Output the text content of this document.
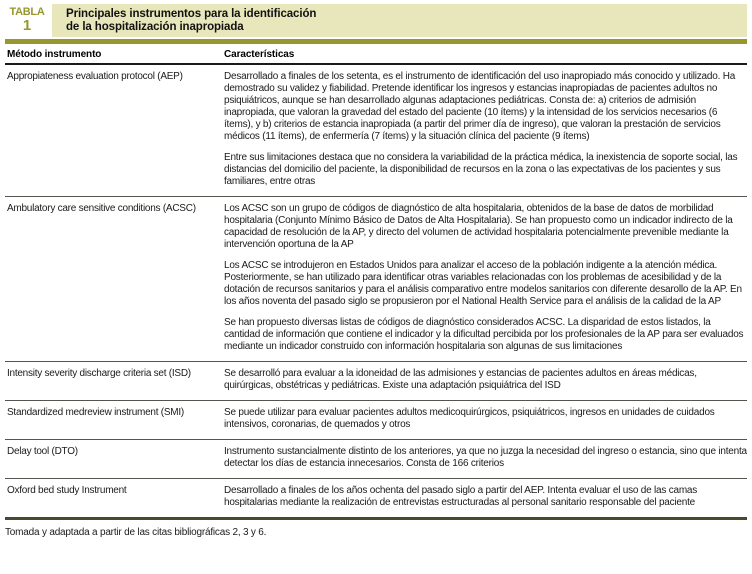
TABLA
1
Principales instrumentos para la identificación
de la hospitalización inapropiada
Método instrumento	Características
Appropiateness evaluation protocol (AEP)	Desarrollado a finales de los setenta, es el instrumento de identificación del uso inapropiado más conocido y utilizado. Ha demostrado su validez y fiabilidad. Pretende identificar los ingresos y estancias inapropiadas de pacientes adultos no psiquiátricos, aunque se han desarrollado algunas adaptaciones pediátricas. Consta de: a) criterios de admisión inapropiada, que valoran la gravedad del estado del paciente (10 ítems) y la intensidad de los servicios necesarios (6 ítems), y b) criterios de estancia inapropiada (a partir del primer día de ingreso), que valoran la prestación de servicios médicos (11 ítems), de enfermería (7 ítems) y la situación clínica del paciente (9 ítems)

Entre sus limitaciones destaca que no considera la variabilidad de la práctica médica, la inexistencia de soporte social, las distancias del domicilio del paciente, la disponibilidad de recursos en la zona o las expectativas de los pacientes y sus familiares, entre otras

Ambulatory care sensitive conditions (ACSC)	Los ACSC son un grupo de códigos de diagnóstico de alta hospitalaria, obtenidos de la base de datos de morbilidad hospitalaria (Conjunto Mínimo Básico de Datos de Alta Hospitalaria). Se han propuesto como un indicador indirecto de la capacidad de resolución de la AP, y directo del volumen de actividad hospitalaria potencialmente prevenible mediante la intervención oportuna de la AP

Los ACSC se introdujeron en Estados Unidos para analizar el acceso de la población indigente a la atención médica. Posteriormente, se han utilizado para identificar otras variables relacionadas con los problemas de acesibilidad y de la dotación de recursos sanitarios y para el análisis comparativo entre modelos sanitarios con diferente desarollo de la AP. En los años noventa del pasado siglo se propusieron por el National Health Service para el análisis de la calidad de la AP

Se han propuesto diversas listas de códigos de diagnóstico considerados ACSC. La disparidad de estos listados, la cantidad de información que contiene el indicador y la dificultad percibida por los profesionales de la AP para ser evaluados mediante un indicador construido con información hospitalaria son algunas de sus limitaciones

Intensity severity discharge criteria set (ISD)	Se desarrolló para evaluar a la idoneidad de las admisiones y estancias de pacientes adultos en áreas médicas, quirúrgicas, obstétricas y pediátricas. Existe una adaptación psiquiátrica del ISD

Standardized medreview instrument (SMI)	Se puede utilizar para evaluar pacientes adultos medicoquirúrgicos, psiquiátricos, ingresos en unidades de cuidados intensivos, coronarias, de quemados y otros

Delay tool (DTO)	Instrumento sustancialmente distinto de los anteriores, ya que no juzga la necesidad del ingreso o estancia, sino que intenta detectar los días de estancia innecesarios. Consta de 166 criterios

Oxford bed study Instrument	Desarrollado a finales de los años ochenta del pasado siglo a partir del AEP. Intenta evaluar el uso de las camas hospitalarias mediante la realización de entrevistas estructuradas al personal sanitario responsable del paciente

Tomada y adaptada a partir de las citas bibliográficas 2, 3 y 6.
